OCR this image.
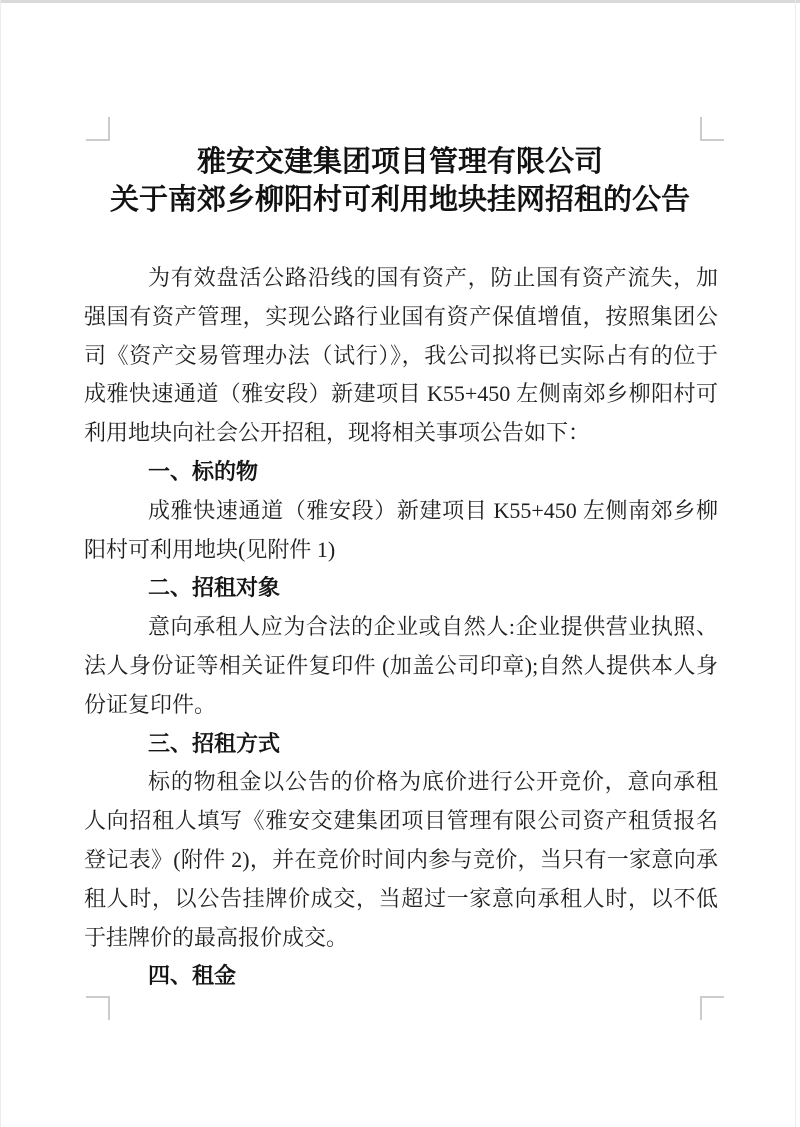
雅安交建集团项目管理有限公司
关于南郊乡柳阳村可利用地块挂网招租的公告

为有效盘活公路沿线的国有资产，防止国有资产流失，加强国有资产管理，实现公路行业国有资产保值增值，按照集团公司《资产交易管理办法（试行）》，我公司拟将已实际占有的位于成雅快速通道（雅安段）新建项目 K55+450 左侧南郊乡柳阳村可利用地块向社会公开招租，现将相关事项公告如下：

一、标的物

成雅快速通道（雅安段）新建项目 K55+450 左侧南郊乡柳阳村可利用地块(见附件 1)

二、招租对象

意向承租人应为合法的企业或自然人:企业提供营业执照、法人身份证等相关证件复印件 (加盖公司印章);自然人提供本人身份证复印件。

三、招租方式

标的物租金以公告的价格为底价进行公开竞价，意向承租人向招租人填写《雅安交建集团项目管理有限公司资产租赁报名登记表》(附件 2)，并在竞价时间内参与竞价，当只有一家意向承租人时，以公告挂牌价成交，当超过一家意向承租人时，以不低于挂牌价的最高报价成交。

四、租金
